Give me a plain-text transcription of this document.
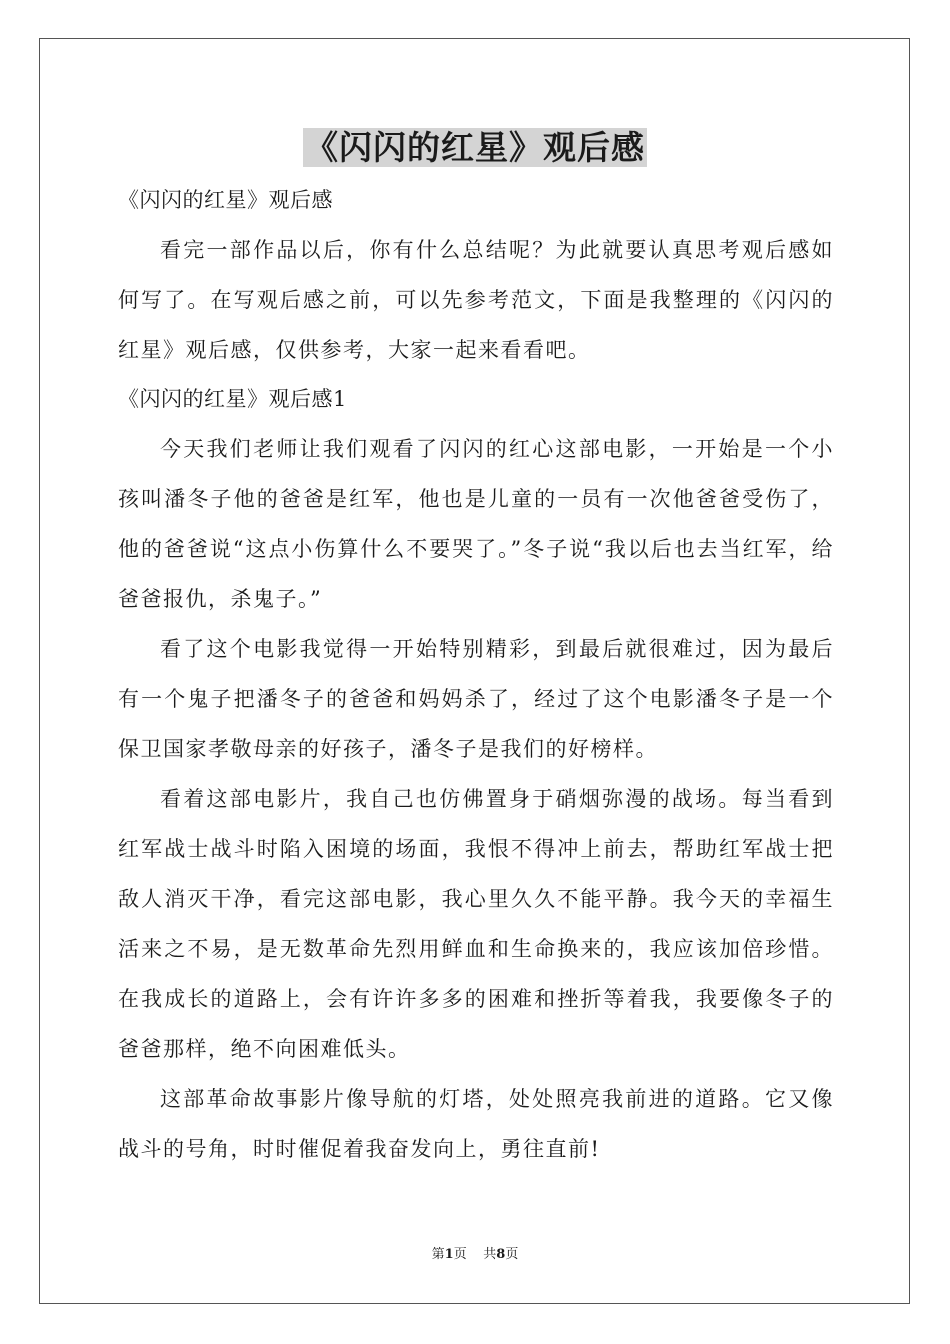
《闪闪的红星》观后感

《闪闪的红星》观后感

看完一部作品以后，你有什么总结呢？为此就要认真思考观后感如何写了。在写观后感之前，可以先参考范文，下面是我整理的《闪闪的红星》观后感，仅供参考，大家一起来看看吧。

《闪闪的红星》观后感1

今天我们老师让我们观看了闪闪的红心这部电影，一开始是一个小孩叫潘冬子他的爸爸是红军，他也是儿童的一员有一次他爸爸受伤了，他的爸爸说“这点小伤算什么不要哭了。”冬子说“我以后也去当红军，给爸爸报仇，杀鬼子。”

看了这个电影我觉得一开始特别精彩，到最后就很难过，因为最后有一个鬼子把潘冬子的爸爸和妈妈杀了，经过了这个电影潘冬子是一个保卫国家孝敬母亲的好孩子，潘冬子是我们的好榜样。

看着这部电影片，我自己也仿佛置身于硝烟弥漫的战场。每当看到红军战士战斗时陷入困境的场面，我恨不得冲上前去，帮助红军战士把敌人消灭干净，看完这部电影，我心里久久不能平静。我今天的幸福生活来之不易，是无数革命先烈用鲜血和生命换来的，我应该加倍珍惜。在我成长的道路上，会有许许多多的困难和挫折等着我，我要像冬子的爸爸那样，绝不向困难低头。

这部革命故事影片像导航的灯塔，处处照亮我前进的道路。它又像战斗的号角，时时催促着我奋发向上，勇往直前!

第1页 共8页
